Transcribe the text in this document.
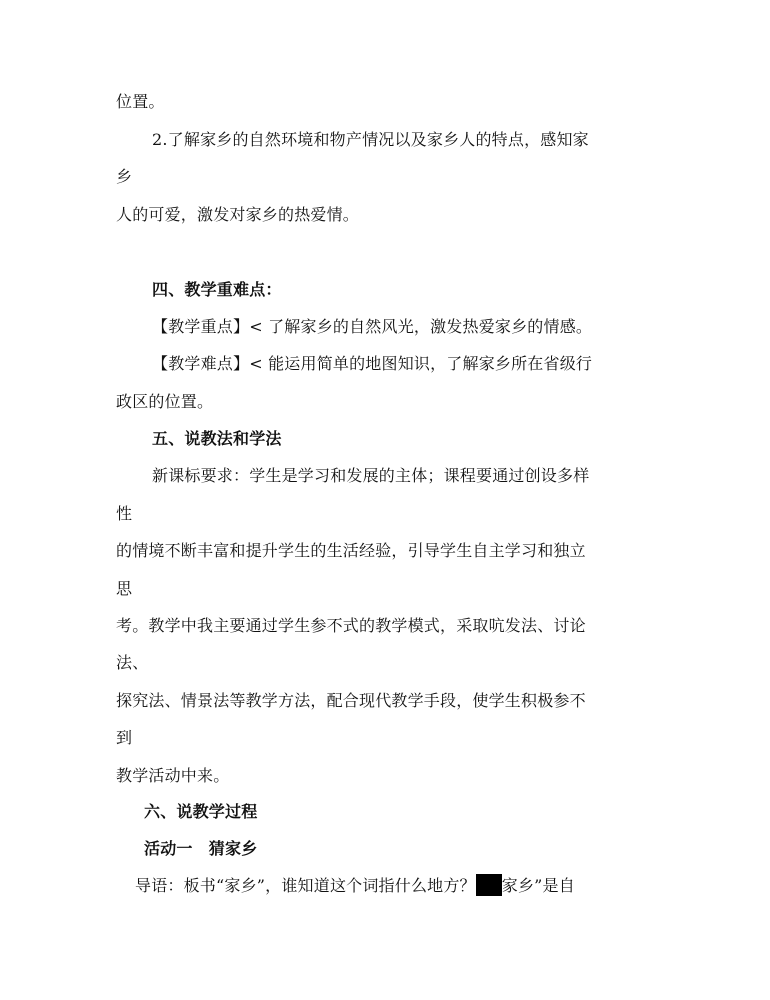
位置。
2.了解家乡的自然环境和物产情况以及家乡人的特点，感知家
乡
人的可爱，激发对家乡的热爱情。
四、教学重难点：
【教学重点】< 了解家乡的自然风光，激发热爱家乡的情感。
【教学难点】< 能运用简单的地图知识，了解家乡所在省级行
政区的位置。
五、说教法和学法
新课标要求：学生是学习和发展的主体；课程要通过创设多样
性
的情境不断丰富和提升学生的生活经验，引导学生自主学习和独立
思
考。教学中我主要通过学生参不式的教学模式，采取吭发法、讨论
法、
探究法、情景法等教学方法，配合现代教学手段，使学生积极参不
到
教学活动中来。
六、说教学过程
活动一　猜家乡
导语：板书“家乡”，谁知道这个词指什么地方？ 家乡”是自
